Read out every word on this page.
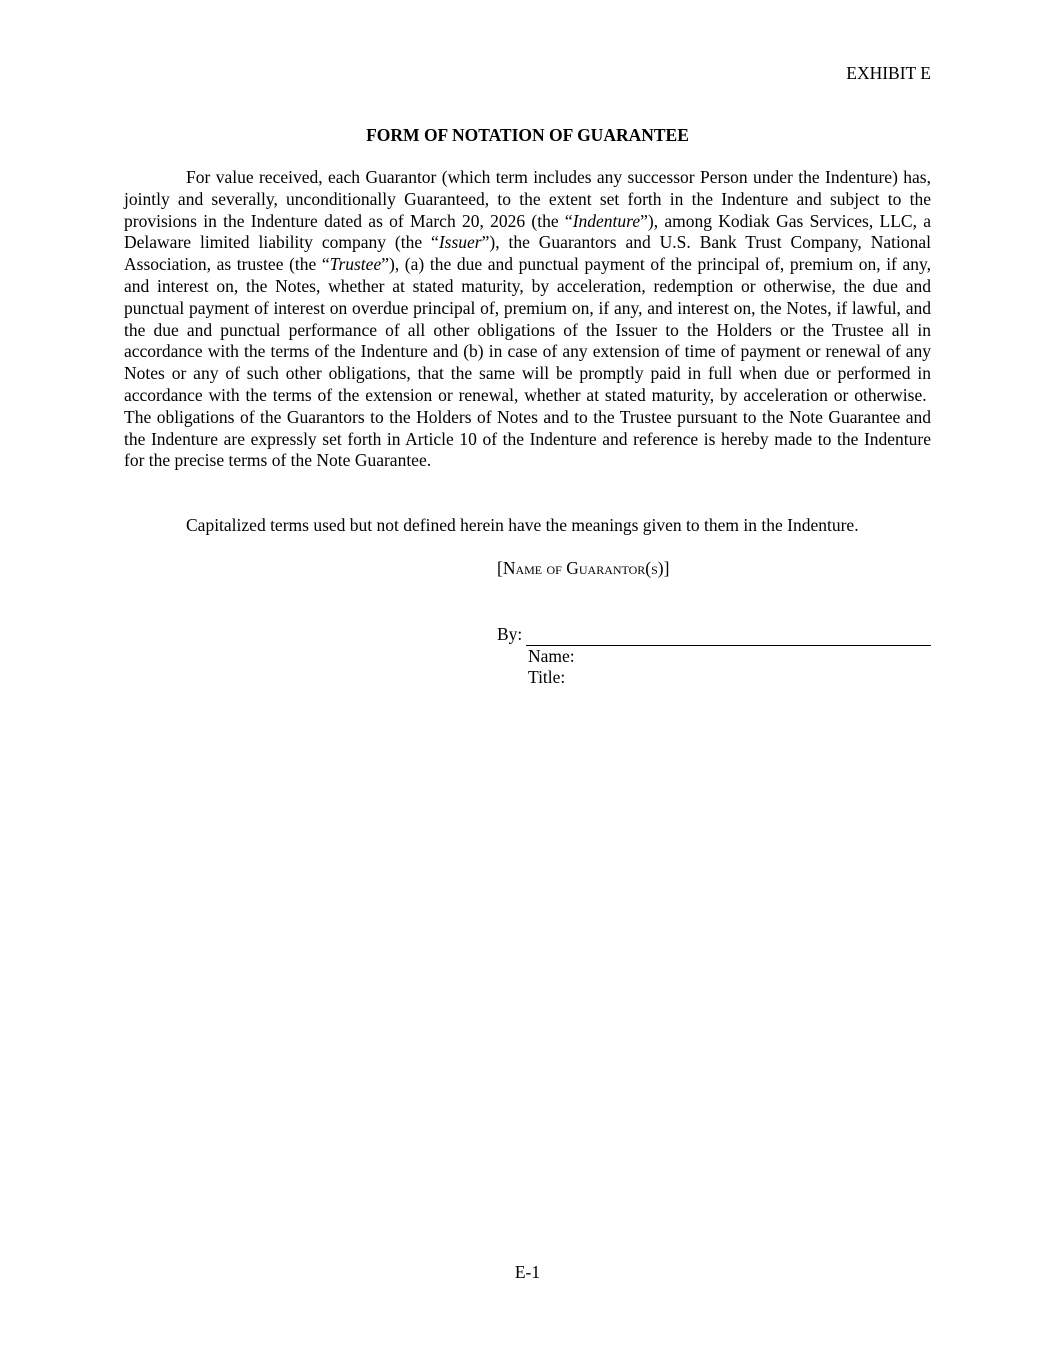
EXHIBIT E
FORM OF NOTATION OF GUARANTEE

For value received, each Guarantor (which term includes any successor Person under the Indenture) has, jointly and severally, unconditionally Guaranteed, to the extent set forth in the Indenture and subject to the provisions in the Indenture dated as of March 20, 2026 (the “Indenture”), among Kodiak Gas Services, LLC, a Delaware limited liability company (the “Issuer”), the Guarantors and U.S. Bank Trust Company, National Association, as trustee (the “Trustee”), (a) the due and punctual payment of the principal of, premium on, if any, and interest on, the Notes, whether at stated maturity, by acceleration, redemption or otherwise, the due and punctual payment of interest on overdue principal of, premium on, if any, and interest on, the Notes, if lawful, and the due and punctual performance of all other obligations of the Issuer to the Holders or the Trustee all in accordance with the terms of the Indenture and (b) in case of any extension of time of payment or renewal of any Notes or any of such other obligations, that the same will be promptly paid in full when due or performed in accordance with the terms of the extension or renewal, whether at stated maturity, by acceleration or otherwise.  The obligations of the Guarantors to the Holders of Notes and to the Trustee pursuant to the Note Guarantee and the Indenture are expressly set forth in Article 10 of the Indenture and reference is hereby made to the Indenture for the precise terms of the Note Guarantee.

Capitalized terms used but not defined herein have the meanings given to them in the Indenture.

[Name of Guarantor(s)]
By:
Name:
Title:
E-1
